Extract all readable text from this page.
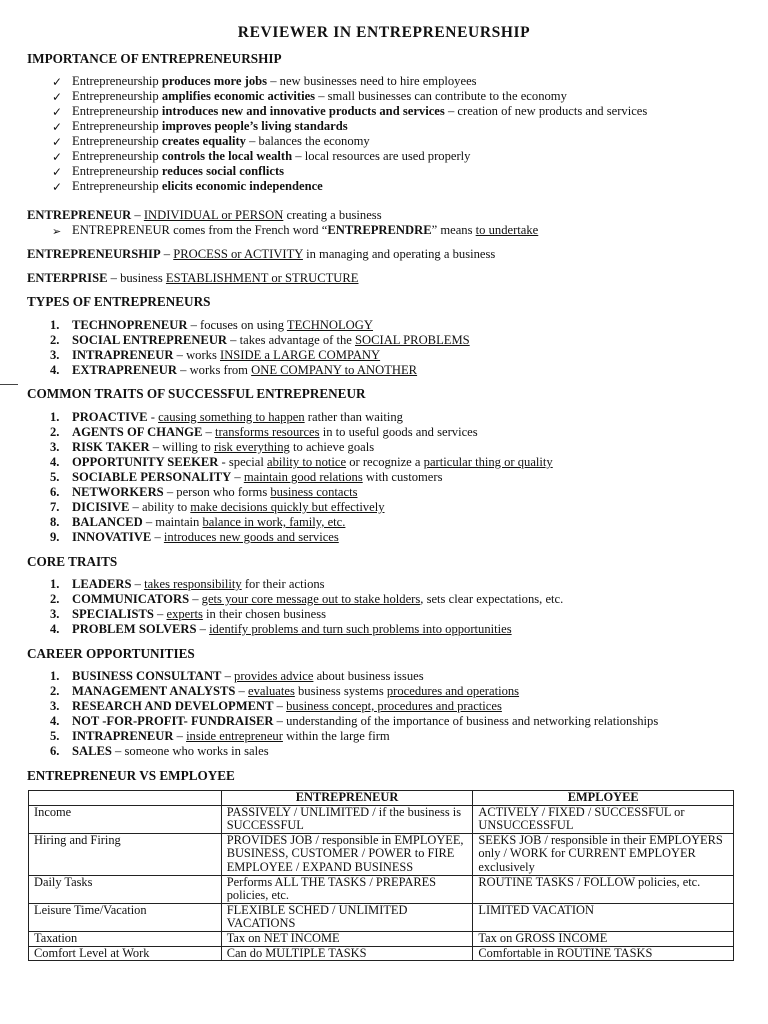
REVIEWER IN ENTREPRENEURSHIP
IMPORTANCE OF ENTREPRENEURSHIP
✓ Entrepreneurship produces more jobs – new businesses need to hire employees
✓ Entrepreneurship amplifies economic activities – small businesses can contribute to the economy
✓ Entrepreneurship introduces new and innovative products and services – creation of new products and services
✓ Entrepreneurship improves people’s living standards
✓ Entrepreneurship creates equality – balances the economy
✓ Entrepreneurship controls the local wealth – local resources are used properly
✓ Entrepreneurship reduces social conflicts
✓ Entrepreneurship elicits economic independence
ENTREPRENEUR – INDIVIDUAL or PERSON creating a business
➢ ENTREPRENEUR comes from the French word “ENTREPRENDRE” means to undertake
ENTREPRENEURSHIP – PROCESS or ACTIVITY in managing and operating a business
ENTERPRISE – business ESTABLISHMENT or STRUCTURE
TYPES OF ENTREPRENEURS
1. TECHNOPRENEUR – focuses on using TECHNOLOGY
2. SOCIAL ENTREPRENEUR – takes advantage of the SOCIAL PROBLEMS
3. INTRAPRENEUR – works INSIDE a LARGE COMPANY
4. EXTRAPRENEUR – works from ONE COMPANY to ANOTHER
COMMON TRAITS OF SUCCESSFUL ENTREPRENEUR
1. PROACTIVE - causing something to happen rather than waiting
2. AGENTS OF CHANGE – transforms resources in to useful goods and services
3. RISK TAKER – willing to risk everything to achieve goals
4. OPPORTUNITY SEEKER - special ability to notice or recognize a particular thing or quality
5. SOCIABLE PERSONALITY – maintain good relations with customers
6. NETWORKERS – person who forms business contacts
7. DICISIVE – ability to make decisions quickly but effectively
8. BALANCED – maintain balance in work, family, etc.
9. INNOVATIVE – introduces new goods and services
CORE TRAITS
1. LEADERS – takes responsibility for their actions
2. COMMUNICATORS – gets your core message out to stake holders, sets clear expectations, etc.
3. SPECIALISTS – experts in their chosen business
4. PROBLEM SOLVERS – identify problems and turn such problems into opportunities
CAREER OPPORTUNITIES
1. BUSINESS CONSULTANT – provides advice about business issues
2. MANAGEMENT ANALYSTS – evaluates business systems procedures and operations
3. RESEARCH AND DEVELOPMENT – business concept, procedures and practices
4. NOT -FOR-PROFIT- FUNDRAISER – understanding of the importance of business and networking relationships
5. INTRAPRENEUR – inside entrepreneur within the large firm
6. SALES – someone who works in sales
ENTREPRENEUR VS EMPLOYEE
	ENTREPRENEUR	EMPLOYEE
Income	PASSIVELY / UNLIMITED / if the business is SUCCESSFUL	ACTIVELY / FIXED / SUCCESSFUL or UNSUCCESSFUL
Hiring and Firing	PROVIDES JOB / responsible in EMPLOYEE, BUSINESS, CUSTOMER / POWER to FIRE EMPLOYEE / EXPAND BUSINESS	SEEKS JOB / responsible in their EMPLOYERS only / WORK for CURRENT EMPLOYER exclusively
Daily Tasks	Performs ALL THE TASKS / PREPARES policies, etc.	ROUTINE TASKS / FOLLOW policies, etc.
Leisure Time/Vacation	FLEXIBLE SCHED / UNLIMITED VACATIONS	LIMITED VACATION
Taxation	Tax on NET INCOME	Tax on GROSS INCOME
Comfort Level at Work	Can do MULTIPLE TASKS	Comfortable in ROUTINE TASKS
